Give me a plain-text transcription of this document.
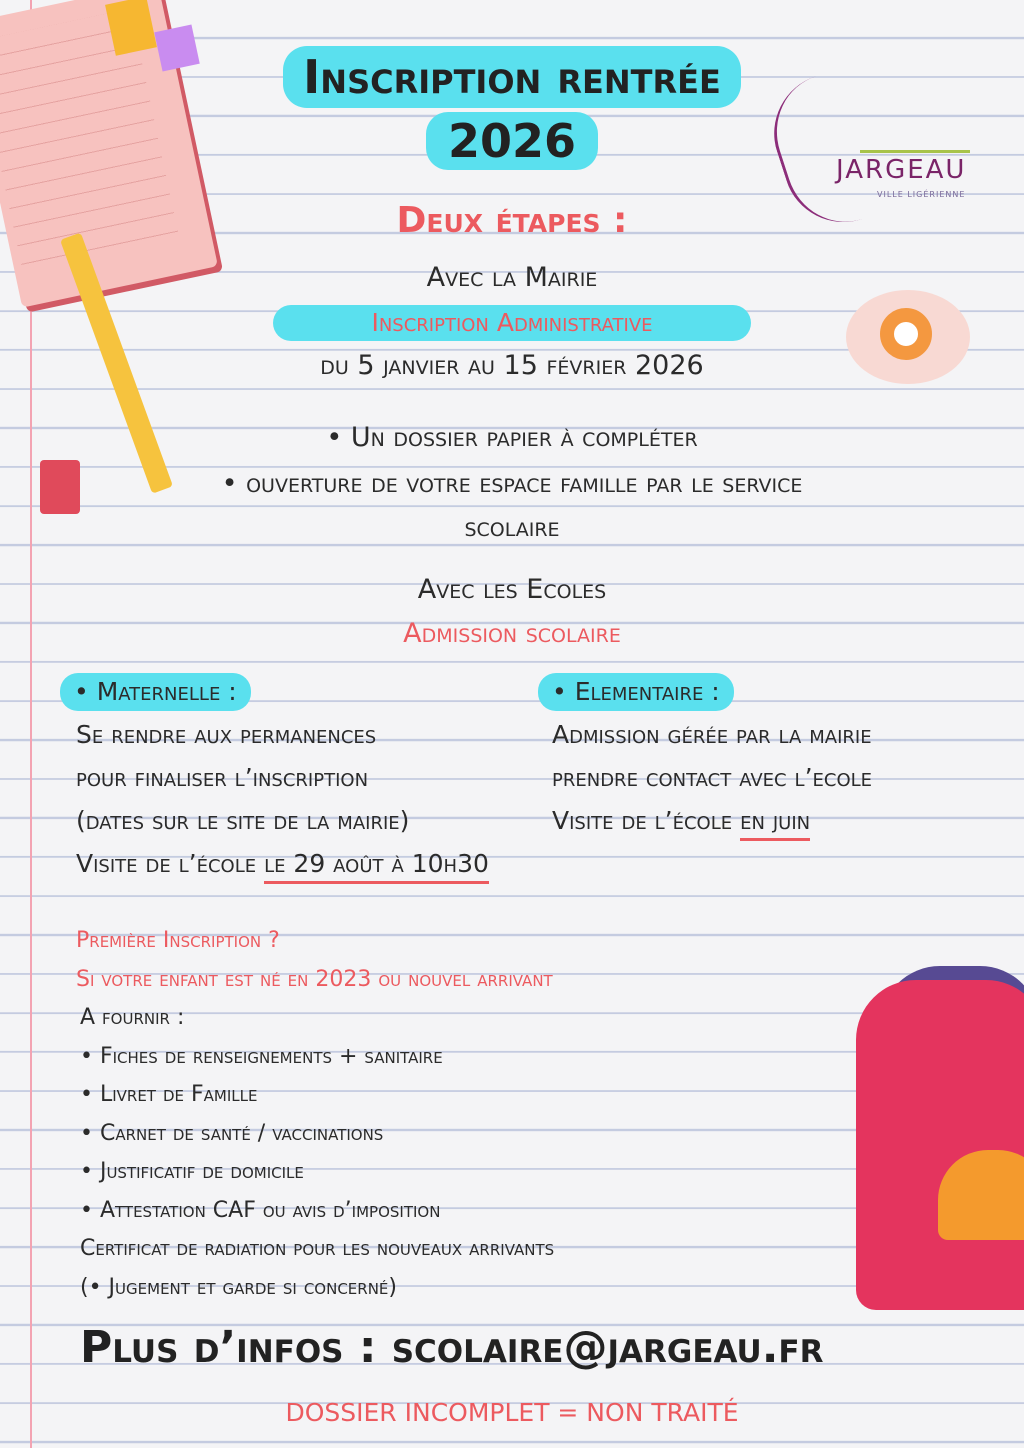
JARGEAU
VILLE LIGÉRIENNE
Inscription rentrée
2026
Deux étapes :
Avec la Mairie
Inscription Administrative
du 5 janvier au 15 février 2026
• Un dossier papier à compléter
• ouverture de votre espace famille par le service
scolaire
Avec les Ecoles
Admission scolaire
• Maternelle :
Se rendre aux permanences
pour finaliser l’inscription
(dates sur le site de la mairie)
Visite de l’école le 29 août à 10h30
• Elementaire :
Admission gérée par la mairie
prendre contact avec l’ecole
Visite de l’école en juin
Première Inscription ?
Si votre enfant est né en 2023 ou nouvel arrivant
A fournir :
• Fiches de renseignements + sanitaire
• Livret de Famille
• Carnet de santé / vaccinations
• Justificatif de domicile
• Attestation CAF ou avis d’imposition
Certificat de radiation pour les nouveaux arrivants
(• Jugement et garde si concerné)
Plus d’infos : scolaire@jargeau.fr
DOSSIER INCOMPLET = NON TRAITÉ
